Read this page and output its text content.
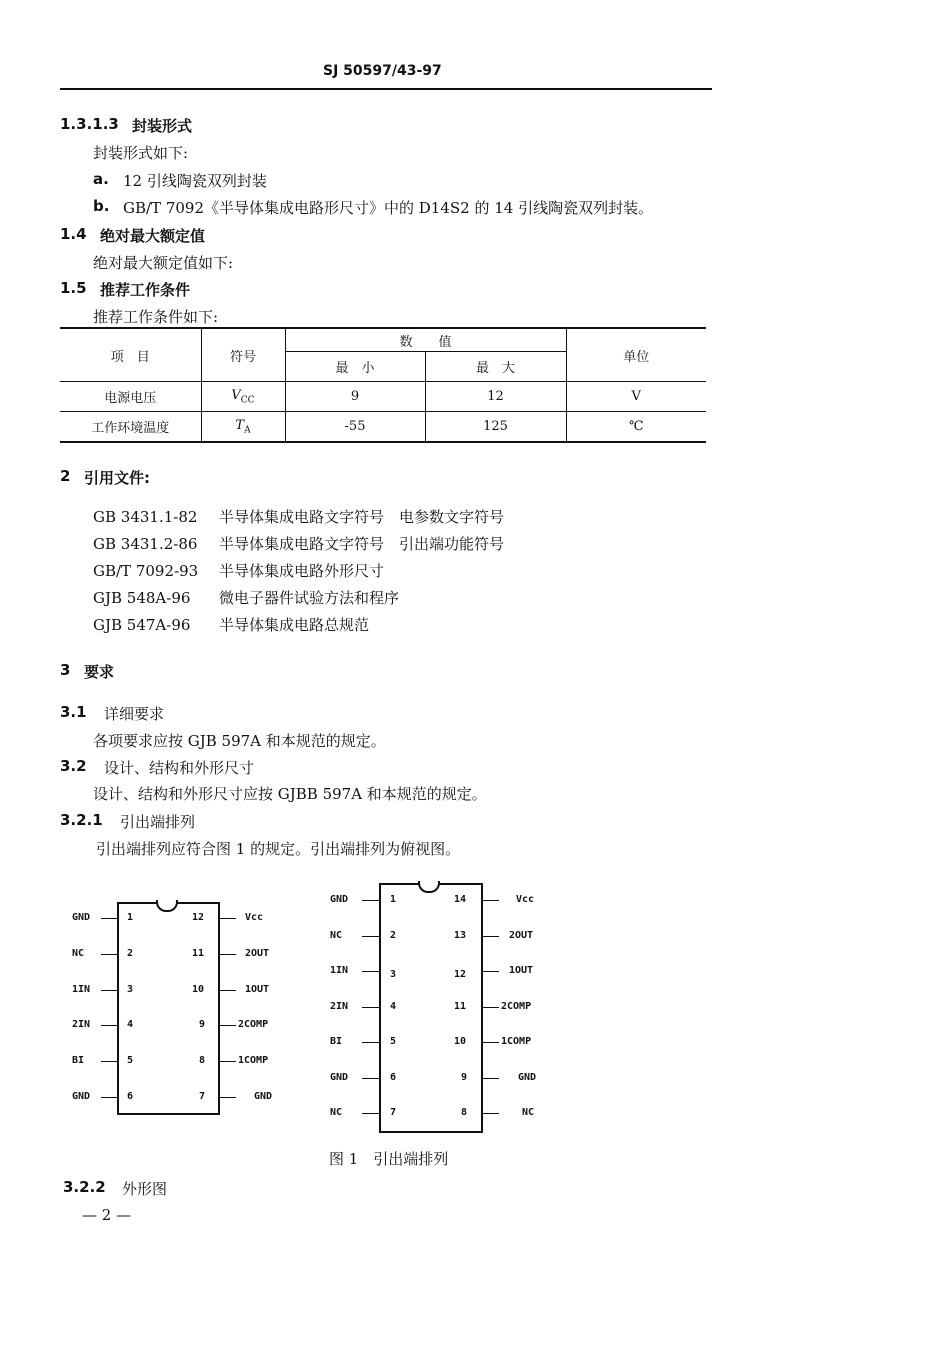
SJ 50597/43-97
1.3.1.3 封装形式
封装形式如下:
a. 12 引线陶瓷双列封装
b. GB/T 7092《半导体集成电路形尺寸》中的 D14S2 的 14 引线陶瓷双列封装。
1.4 绝对最大额定值
绝对最大额定值如下:
1.5 推荐工作条件
推荐工作条件如下:
项　目	符号	数　　值		单位
		最　小	最　大	
电源电压	$V_{CC}$	9	12	V
工作环境温度	$T_A$	-55	125	℃
2 引用文件:
GB 3431.1-82	半导体集成电路文字符号　电参数文字符号
GB 3431.2-86	半导体集成电路文字符号　引出端功能符号
GB/T 7092-93	半导体集成电路外形尺寸
GJB 548A-96	微电子器件试验方法和程序
GJB 547A-96	半导体集成电路总规范
3 要求
3.1 详细要求
各项要求应按 GJB 597A 和本规范的规定。
3.2 设计、结构和外形尺寸
设计、结构和外形尺寸应按 GJBB 597A 和本规范的规定。
3.2.1 引出端排列
引出端排列应符合图 1 的规定。引出端排列为俯视图。
GND	1
NC	2
1IN	3
2IN	4
BI	5
GND	6
12	Vcc
11	2OUT
10	1OUT
9	2COMP
8	1COMP
7	GND
GND	1
NC	2
1IN	3
2IN	4
BI	5
GND	6
NC	7
14	Vcc
13	2OUT
12	1OUT
11	2COMP
10	1COMP
9	GND
8	NC
图 1　引出端排列
3.2.2 外形图
— 2 —
